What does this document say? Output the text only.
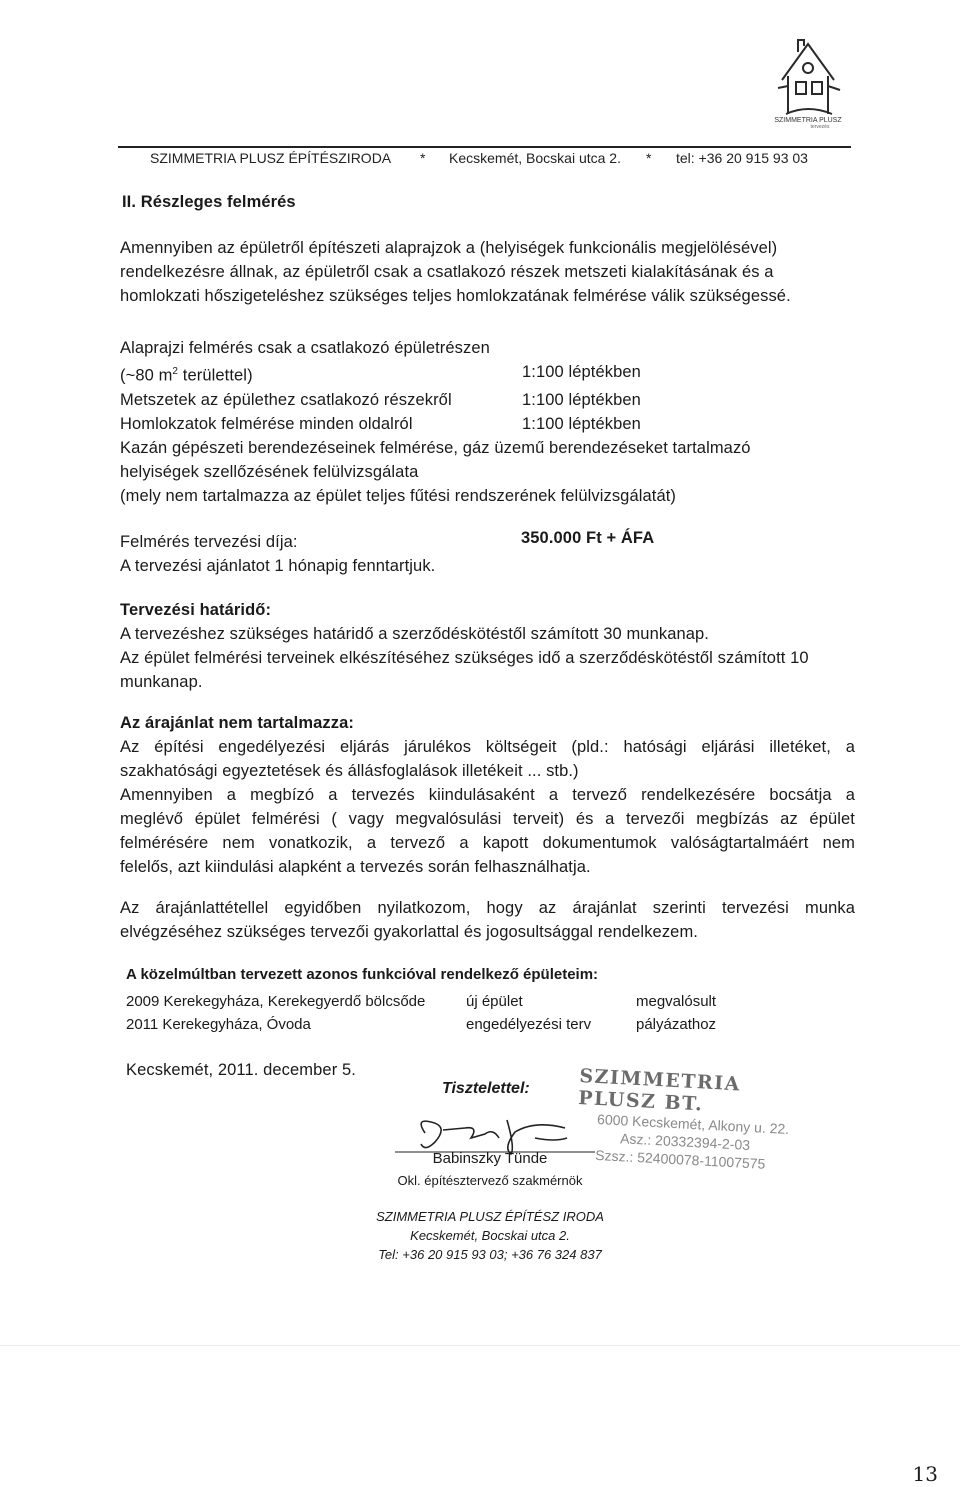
SZIMMETRIA PLUSZ
tervezés
SZIMMETRIA PLUSZ ÉPÍTÉSZIRODA * Kecskemét, Bocskai utca 2. * tel: +36 20 915 93 03
II. Részleges felmérés
Amennyiben az épületről építészeti alaprajzok a (helyiségek funkcionális megjelölésével)
rendelkezésre állnak, az épületről csak a csatlakozó részek metszeti kialakításának és a
homlokzati hőszigeteléshez szükséges teljes homlokzatának felmérése válik szükségessé.
Alaprajzi felmérés csak a csatlakozó épületrészen
(~80 $m^2$ területtel)	1:100 léptékben
Metszetek az épülethez csatlakozó részekről	1:100 léptékben
Homlokzatok felmérése minden oldalról	1:100 léptékben
Kazán gépészeti berendezéseinek felmérése, gáz üzemű berendezéseket tartalmazó
helyiségek szellőzésének felülvizsgálata
(mely nem tartalmazza az épület teljes fűtési rendszerének felülvizsgálatát)
Felmérés tervezési díja:	350.000 Ft + ÁFA
A tervezési ajánlatot 1 hónapig fenntartjuk.
Tervezési határidő:
A tervezéshez szükséges határidő a szerződéskötéstől számított 30 munkanap.
Az épület felmérési terveinek elkészítéséhez szükséges idő a szerződéskötéstől számított 10
munkanap.
Az árajánlat nem tartalmazza:
Az építési engedélyezési eljárás járulékos költségeit (pld.: hatósági eljárási illetéket, a
szakhatósági egyeztetések és állásfoglalások illetékeit ... stb.)
Amennyiben a megbízó a tervezés kiindulásaként a tervező rendelkezésére bocsátja a
meglévő épület felmérési ( vagy megvalósulási terveit) és a tervezői megbízás az épület
felmérésére nem vonatkozik, a tervező a kapott dokumentumok valóságtartalmáért nem
felelős, azt kiindulási alapként a tervezés során felhasználhatja.
Az árajánlattétellel egyidőben nyilatkozom, hogy az árajánlat szerinti tervezési munka
elvégzéséhez szükséges tervezői gyakorlattal és jogosultsággal rendelkezem.
A közelmúltban tervezett azonos funkcióval rendelkező épületeim:
2009 Kerekegyháza, Kerekegyerdő bölcsőde	új épület	megvalósult
2011 Kerekegyháza, Óvoda	engedélyezési terv	pályázathoz
Kecskemét, 2011. december 5.
Tisztelettel:	SZIMMETRIA PLUSZ BT.
6000 Kecskemét, Alkony u. 22.
Asz.: 20332394-2-03
Szsz.: 52400078-11007575
Babinszky Tünde
Okl. építésztervező szakmérnök
SZIMMETRIA PLUSZ ÉPÍTÉSZ IRODA
Kecskemét, Bocskai utca 2.
Tel: +36 20 915 93 03; +36 76 324 837
13
